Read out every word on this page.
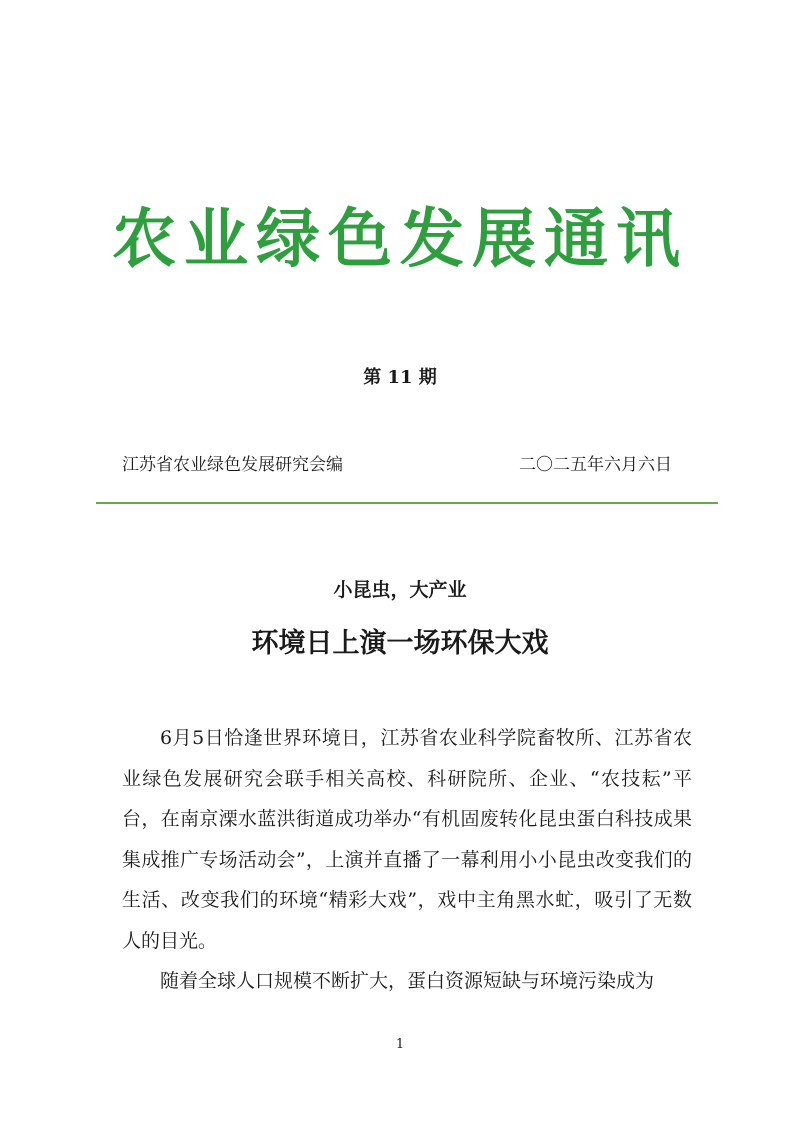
农业绿色发展通讯
第 11 期
江苏省农业绿色发展研究会编	二〇二五年六月六日
小昆虫，大产业
环境日上演一场环保大戏

6月5日恰逢世界环境日，江苏省农业科学院畜牧所、江苏省农业绿色发展研究会联手相关高校、科研院所、企业、“农技耘”平台，在南京溧水蓝洪街道成功举办“有机固废转化昆虫蛋白科技成果集成推广专场活动会”，上演并直播了一幕利用小小昆虫改变我们的生活、改变我们的环境“精彩大戏”，戏中主角黑水虻，吸引了无数人的目光。

随着全球人口规模不断扩大，蛋白资源短缺与环境污染成为

1
